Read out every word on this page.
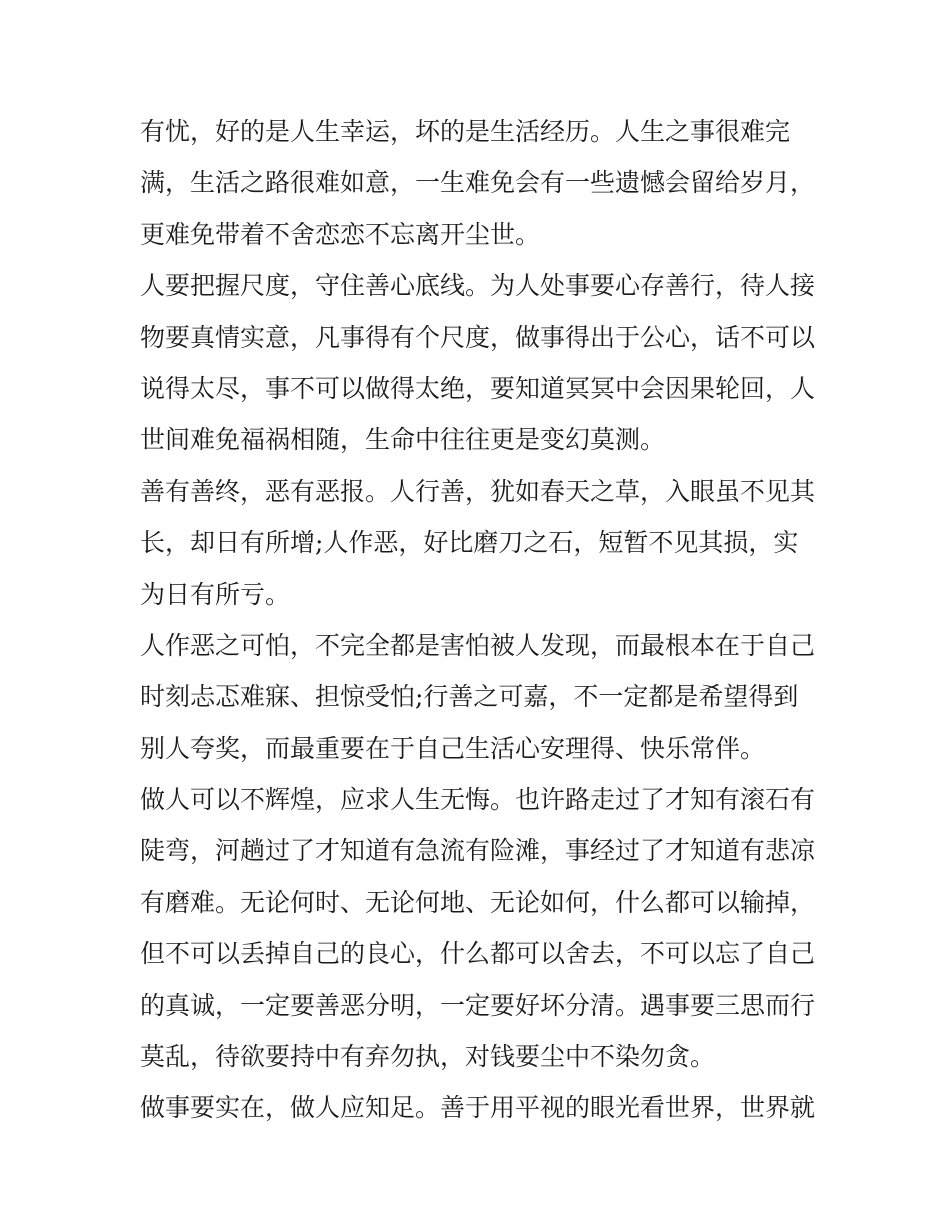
有忧，好的是人生幸运，坏的是生活经历。人生之事很难完
满，生活之路很难如意，一生难免会有一些遗憾会留给岁月，
更难免带着不舍恋恋不忘离开尘世。
人要把握尺度，守住善心底线。为人处事要心存善行，待人接
物要真情实意，凡事得有个尺度，做事得出于公心，话不可以
说得太尽，事不可以做得太绝，要知道冥冥中会因果轮回，人
世间难免福祸相随，生命中往往更是变幻莫测。
善有善终，恶有恶报。人行善，犹如春天之草，入眼虽不见其
长，却日有所增;人作恶，好比磨刀之石，短暂不见其损，实
为日有所亏。
人作恶之可怕，不完全都是害怕被人发现，而最根本在于自己
时刻忐忑难寐、担惊受怕;行善之可嘉，不一定都是希望得到
别人夸奖，而最重要在于自己生活心安理得、快乐常伴。
做人可以不辉煌，应求人生无悔。也许路走过了才知有滚石有
陡弯，河趟过了才知道有急流有险滩，事经过了才知道有悲凉
有磨难。无论何时、无论何地、无论如何，什么都可以输掉，
但不可以丢掉自己的良心，什么都可以舍去，不可以忘了自己
的真诚，一定要善恶分明，一定要好坏分清。遇事要三思而行
莫乱，待欲要持中有弃勿执，对钱要尘中不染勿贪。
做事要实在，做人应知足。善于用平视的眼光看世界，世界就
